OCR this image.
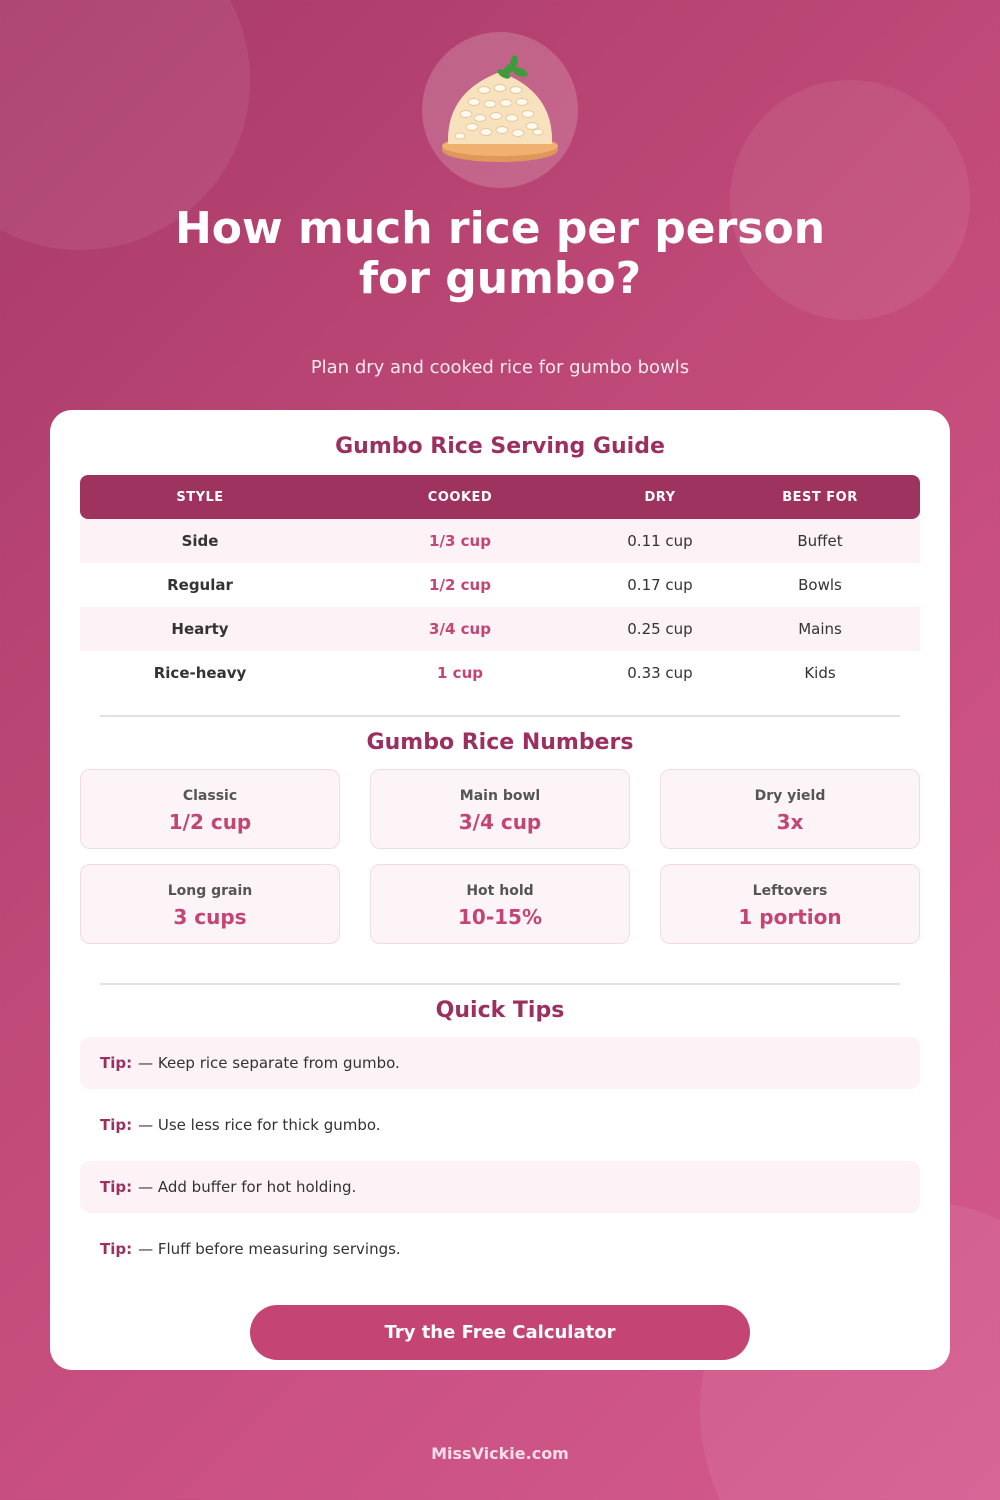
How much rice per person
for gumbo?
Plan dry and cooked rice for gumbo bowls
Gumbo Rice Serving Guide
STYLE	COOKED	DRY	BEST FOR
Side	1/3 cup	0.11 cup	Buffet
Regular	1/2 cup	0.17 cup	Bowls
Hearty	3/4 cup	0.25 cup	Mains
Rice-heavy	1 cup	0.33 cup	Kids
Gumbo Rice Numbers
Classic
1/2 cup
Main bowl
3/4 cup
Dry yield
3x
Long grain
3 cups
Hot hold
10-15%
Leftovers
1 portion
Quick Tips
Tip: — Keep rice separate from gumbo.
Tip: — Use less rice for thick gumbo.
Tip: — Add buffer for hot holding.
Tip: — Fluff before measuring servings.
Try the Free Calculator
MissVickie.com
